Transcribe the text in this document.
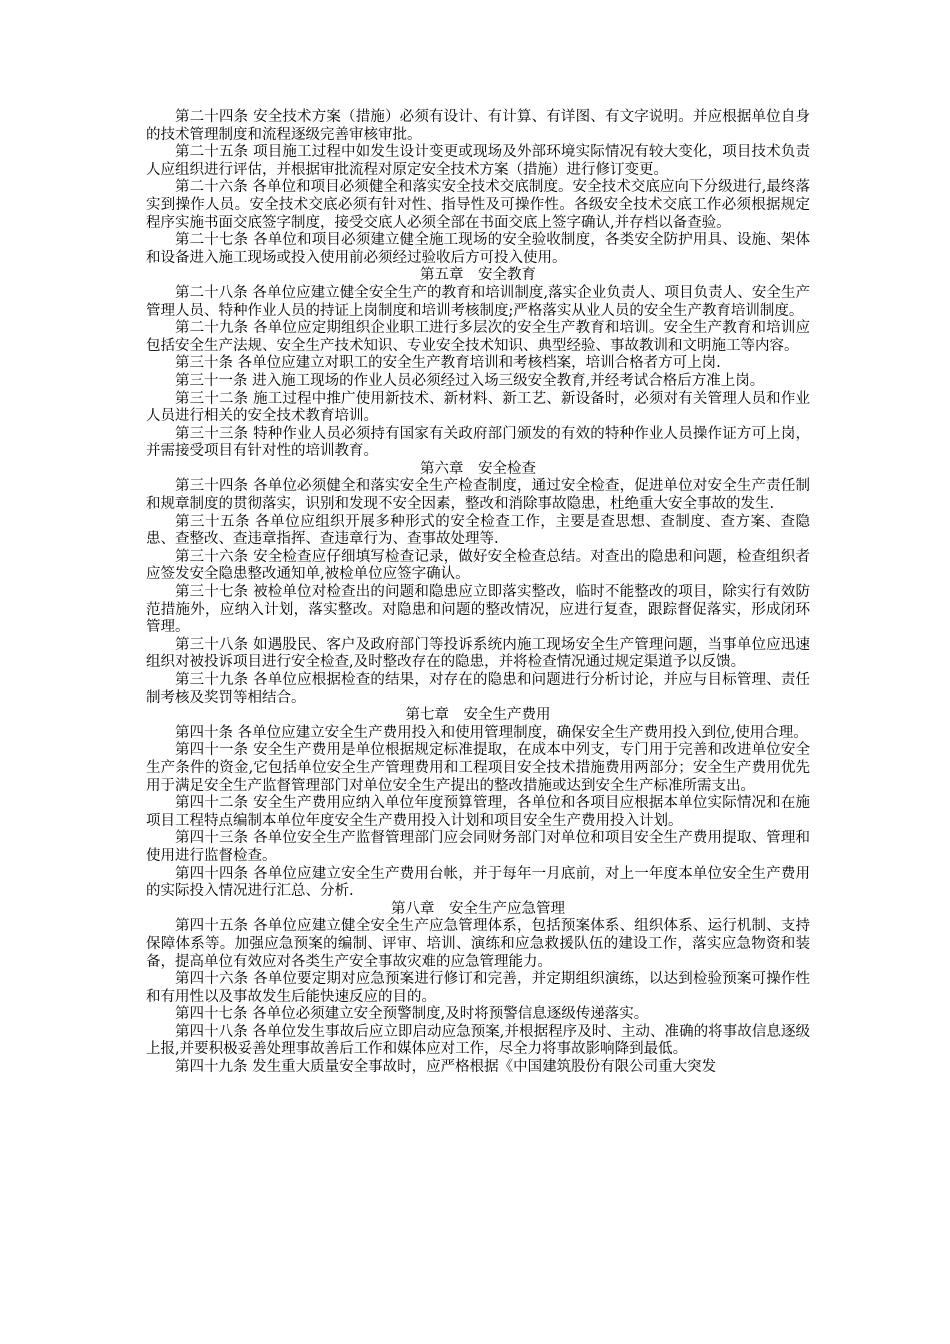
第二十四条 安全技术方案（措施）必须有设计、有计算、有详图、有文字说明。并应根据单位自身的技术管理制度和流程逐级完善审核审批。

第二十五条 项目施工过程中如发生设计变更或现场及外部环境实际情况有较大变化，项目技术负责人应组织进行评估，并根据审批流程对原定安全技术方案（措施）进行修订变更。

第二十六条 各单位和项目必须健全和落实安全技术交底制度。安全技术交底应向下分级进行,最终落实到操作人员。安全技术交底必须有针对性、指导性及可操作性。各级安全技术交底工作必须根据规定程序实施书面交底签字制度，接受交底人必须全部在书面交底上签字确认,并存档以备查验。

第二十七条 各单位和项目必须建立健全施工现场的安全验收制度，各类安全防护用具、设施、架体和设备进入施工现场或投入使用前必须经过验收后方可投入使用。

第五章　安全教育

第二十八条 各单位应建立健全安全生产的教育和培训制度,落实企业负责人、项目负责人、安全生产管理人员、特种作业人员的持证上岗制度和培训考核制度;严格落实从业人员的安全生产教育培训制度。

第二十九条 各单位应定期组织企业职工进行多层次的安全生产教育和培训。安全生产教育和培训应包括安全生产法规、安全生产技术知识、专业安全技术知识、典型经验、事故教训和文明施工等内容。

第三十条 各单位应建立对职工的安全生产教育培训和考核档案，培训合格者方可上岗.

第三十一条 进入施工现场的作业人员必须经过入场三级安全教育,并经考试合格后方准上岗。

第三十二条 施工过程中推广使用新技术、新材料、新工艺、新设备时，必须对有关管理人员和作业人员进行相关的安全技术教育培训。

第三十三条 特种作业人员必须持有国家有关政府部门颁发的有效的特种作业人员操作证方可上岗，并需接受项目有针对性的培训教育。

第六章　安全检查

第三十四条 各单位必须健全和落实安全生产检查制度，通过安全检查，促进单位对安全生产责任制和规章制度的贯彻落实，识别和发现不安全因素，整改和消除事故隐患，杜绝重大安全事故的发生.

第三十五条 各单位应组织开展多种形式的安全检查工作，主要是查思想、查制度、查方案、查隐患、查整改、查违章指挥、查违章行为、查事故处理等.

第三十六条 安全检查应仔细填写检查记录，做好安全检查总结。对查出的隐患和问题，检查组织者应签发安全隐患整改通知单,被检单位应签字确认。

第三十七条 被检单位对检查出的问题和隐患应立即落实整改，临时不能整改的项目，除实行有效防范措施外，应纳入计划，落实整改。对隐患和问题的整改情况，应进行复查，跟踪督促落实，形成闭环管理。

第三十八条 如遇股民、客户及政府部门等投诉系统内施工现场安全生产管理问题，当事单位应迅速组织对被投诉项目进行安全检查,及时整改存在的隐患，并将检查情况通过规定渠道予以反馈。

第三十九条 各单位应根据检查的结果，对存在的隐患和问题进行分析讨论，并应与目标管理、责任制考核及奖罚等相结合。

第七章　安全生产费用

第四十条 各单位应建立安全生产费用投入和使用管理制度，确保安全生产费用投入到位,使用合理。

第四十一条 安全生产费用是单位根据规定标准提取，在成本中列支，专门用于完善和改进单位安全生产条件的资金,它包括单位安全生产管理费用和工程项目安全技术措施费用两部分；安全生产费用优先用于满足安全生产监督管理部门对单位安全生产提出的整改措施或达到安全生产标准所需支出。

第四十二条 安全生产费用应纳入单位年度预算管理，各单位和各项目应根据本单位实际情况和在施项目工程特点编制本单位年度安全生产费用投入计划和项目安全生产费用投入计划。

第四十三条 各单位安全生产监督管理部门应会同财务部门对单位和项目安全生产费用提取、管理和使用进行监督检查。

第四十四条 各单位应建立安全生产费用台帐，并于每年一月底前，对上一年度本单位安全生产费用的实际投入情况进行汇总、分析.

第八章　安全生产应急管理

第四十五条 各单位应建立健全安全生产应急管理体系，包括预案体系、组织体系、运行机制、支持保障体系等。加强应急预案的编制、评审、培训、演练和应急救援队伍的建设工作，落实应急物资和装备，提高单位有效应对各类生产安全事故灾难的应急管理能力。

第四十六条 各单位要定期对应急预案进行修订和完善，并定期组织演练，以达到检验预案可操作性和有用性以及事故发生后能快速反应的目的。

第四十七条 各单位必须建立安全预警制度,及时将预警信息逐级传递落实。

第四十八条 各单位发生事故后应立即启动应急预案,并根据程序及时、主动、准确的将事故信息逐级上报,并要积极妥善处理事故善后工作和媒体应对工作，尽全力将事故影响降到最低。

第四十九条 发生重大质量安全事故时，应严格根据《中国建筑股份有限公司重大突发
